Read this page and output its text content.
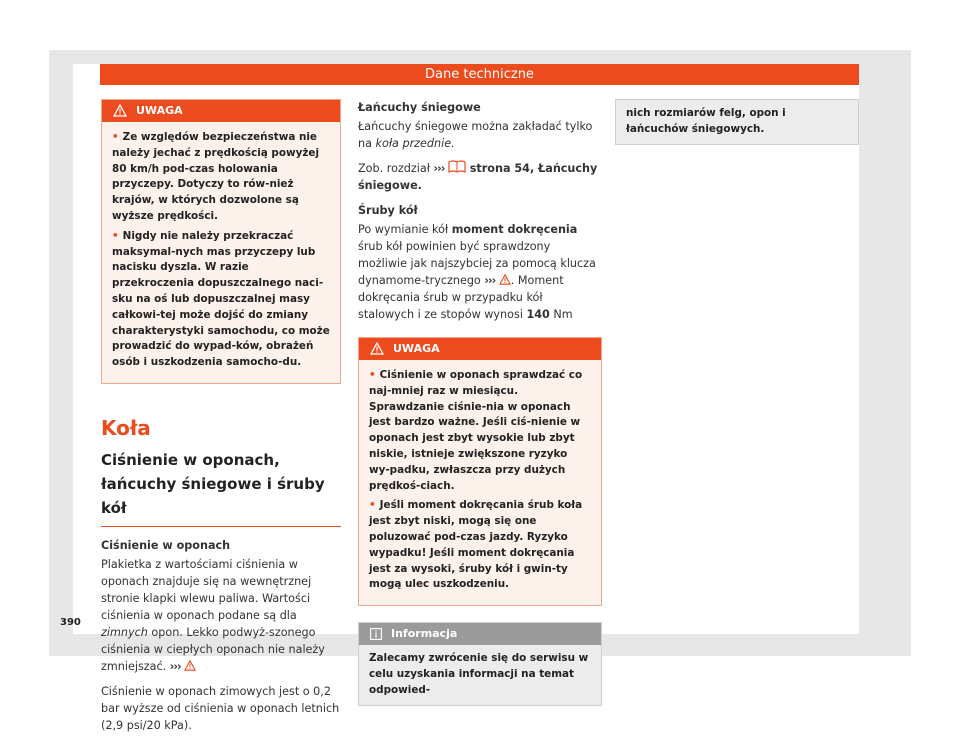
Dane techniczne
UWAGA

• Ze względów bezpieczeństwa nie należy jechać z prędkością powyżej 80 km/h pod-czas holowania przyczepy. Dotyczy to rów-nież krajów, w których dozwolone są wyższe prędkości.

• Nigdy nie należy przekraczać maksymal-nych mas przyczepy lub nacisku dyszla. W razie przekroczenia dopuszczalnego naci-sku na oś lub dopuszczalnej masy całkowi-tej może dojść do zmiany charakterystyki samochodu, co może prowadzić do wypad-ków, obrażeń osób i uszkodzenia samocho-du.

Koła
Ciśnienie w oponach, łańcuchy śniegowe i śruby kół

Ciśnienie w oponach

Plakietka z wartościami ciśnienia w oponach znajduje się na wewnętrznej stronie klapki wlewu paliwa. Wartości ciśnienia w oponach podane są dla zimnych opon. Lekko podwyż-szonego ciśnienia w ciepłych oponach nie należy zmniejszać. ›››

Ciśnienie w oponach zimowych jest o 0,2 bar wyższe od ciśnienia w oponach letnich (2,9 psi/20 kPa).

Łańcuchy śniegowe

Łańcuchy śniegowe można zakładać tylko na koła przednie.

Zob. rozdział ›››  strona 54, Łańcuchy śniegowe.

Śruby kół

Po wymianie kół moment dokręcenia śrub kół powinien być sprawdzony możliwie jak najszybciej za pomocą klucza dynamome-trycznego ››› . Moment dokręcania śrub w przypadku kół stalowych i ze stopów wynosi 140 Nm

UWAGA

• Ciśnienie w oponach sprawdzać co naj-mniej raz w miesiącu. Sprawdzanie ciśnie-nia w oponach jest bardzo ważne. Jeśli ciś-nienie w oponach jest zbyt wysokie lub zbyt niskie, istnieje zwiększone ryzyko wy-padku, zwłaszcza przy dużych prędkoś-ciach.

• Jeśli moment dokręcania śrub koła jest zbyt niski, mogą się one poluzować pod-czas jazdy. Ryzyko wypadku! Jeśli moment dokręcania jest za wysoki, śruby kół i gwin-ty mogą ulec uszkodzeniu.

Informacja
Zalecamy zwrócenie się do serwisu w celu uzyskania informacji na temat odpowied-
nich rozmiarów felg, opon i łańcuchów śniegowych.
390
